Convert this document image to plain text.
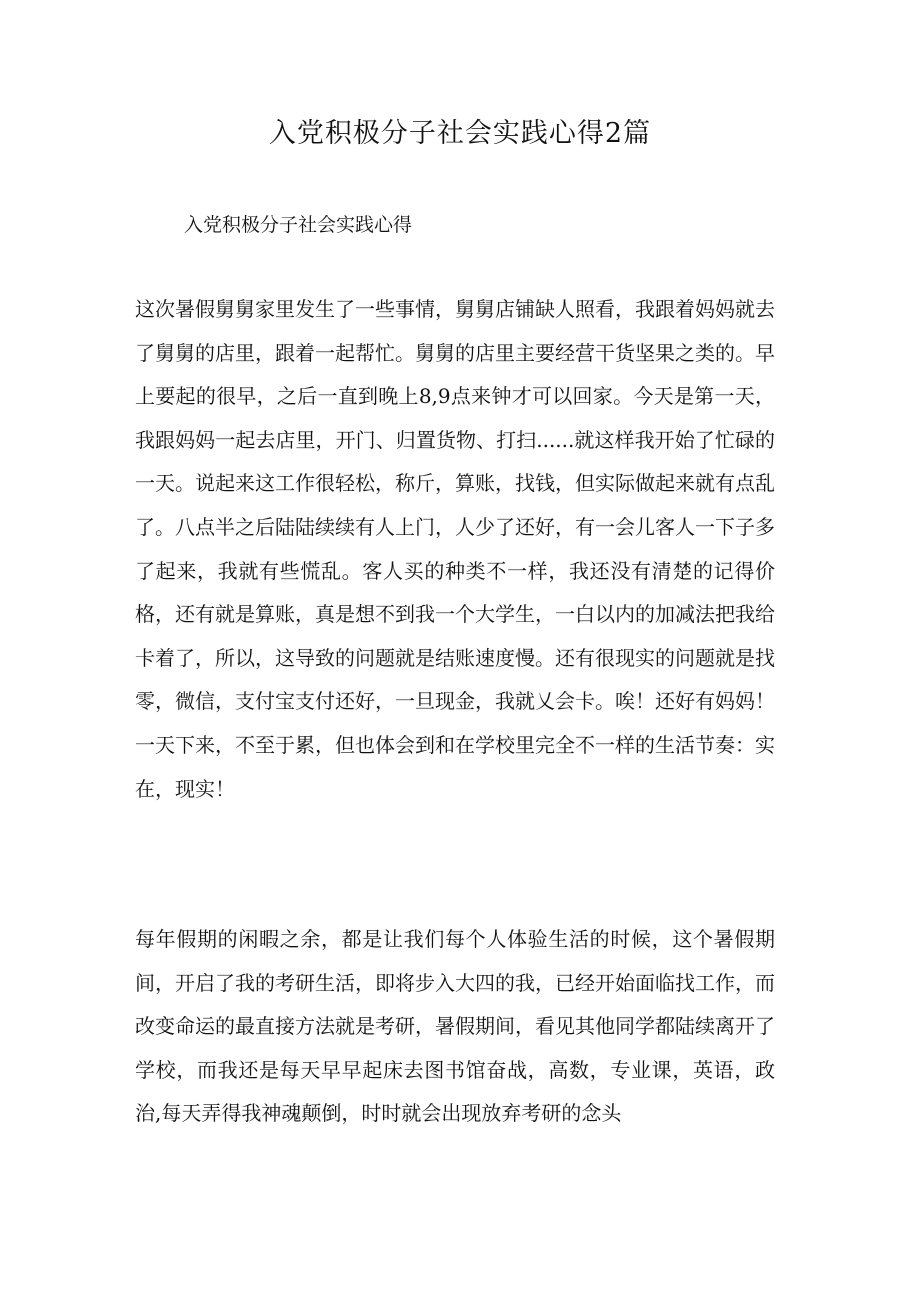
入党积极分子社会实践心得2篇
入党积极分子社会实践心得

这次暑假舅舅家里发生了一些事情，舅舅店铺缺人照看，我跟着妈妈就去了舅舅的店里，跟着一起帮忙。舅舅的店里主要经营干货坚果之类的。早上要起的很早，之后一直到晚上8,9点来钟才可以回家。今天是第一天，我跟妈妈一起去店里，开门、归置货物、打扫......就这样我开始了忙碌的一天。说起来这工作很轻松，称斤，算账，找钱，但实际做起来就有点乱了。八点半之后陆陆续续有人上门，人少了还好，有一会儿客人一下子多了起来，我就有些慌乱。客人买的种类不一样，我还没有清楚的记得价格，还有就是算账，真是想不到我一个大学生，一白以内的加减法把我给卡着了，所以，这导致的问题就是结账速度慢。还有很现实的问题就是找零，微信，支付宝支付还好，一旦现金，我就乂会卡。唉！还好有妈妈！一天下来，不至于累，但也体会到和在学校里完全不一样的生活节奏：实在，现实！

每年假期的闲暇之余，都是让我们每个人体验生活的时候，这个暑假期间，开启了我的考研生活，即将步入大四的我，已经开始面临找工作，而改变命运的最直接方法就是考研，暑假期间，看见其他同学都陆续离开了学校，而我还是每天早早起床去图书馆奋战，高数，专业课，英语，政治,每天弄得我神魂颠倒，时时就会出现放弃考研的念头
